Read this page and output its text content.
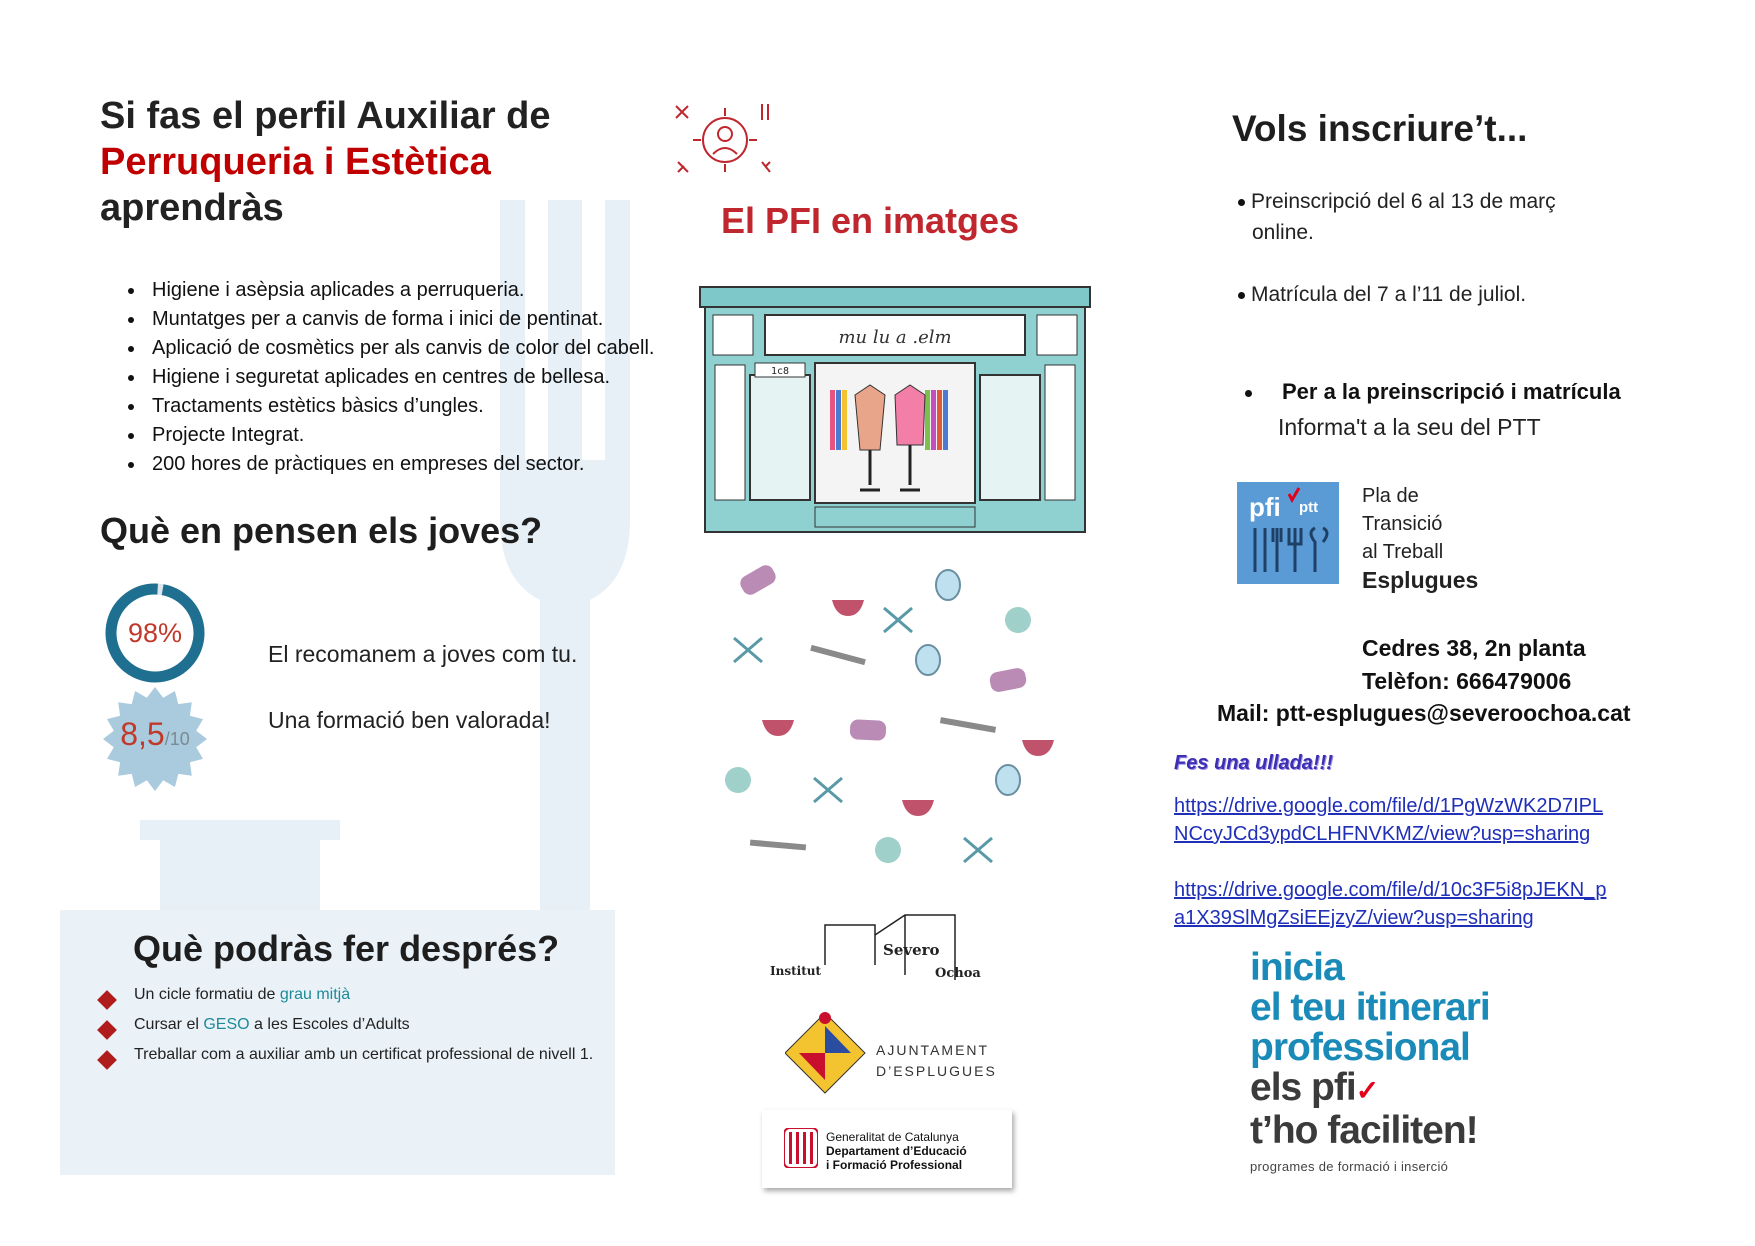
Si fas el perfil Auxiliar de
Perruqueria i Estètica
aprendràs
• Higiene i asèpsia aplicades a perruqueria.
• Muntatges per a canvis de forma i inici de pentinat.
• Aplicació de cosmètics per als canvis de color del cabell.
• Higiene i seguretat aplicades en centres de bellesa.
• Tractaments estètics bàsics d’ungles.
• Projecte Integrat.
• 200 hores de pràctiques en empreses del sector.
Què en pensen els joves?
98%
8,5/10

El recomanem a joves com tu.

Una formació ben valorada!

Què podràs fer després?
Un cicle formatiu de grau mitjà
Cursar el GESO a les Escoles d’Adults
Treballar com a auxiliar amb un certificat professional de nivell 1.
El PFI en imatges
mu lu a .elm
1c8
Severo
Institut	Ochoa
AJUNTAMENT
D’ESPLUGUES
Generalitat de Catalunya
Departament d’Educació
i Formació Professional
Vols inscriure’t...
Preinscripció del 6 al 13 de març
online.
Matrícula del 7 a l’11 de juliol.
Per a la preinscripció i matrícula
Informa't a la seu del PTT
pfi ptt
Pla de
Transició
al Treball
Esplugues
Cedres 38, 2n planta
Telèfon: 666479006
Mail: ptt-esplugues@severoochoa.cat
Fes una ullada!!!
https://drive.google.com/file/d/1PgWzWK2D7IPLNCcyJCd3ypdCLHFNVKMZ/view?usp=sharing
https://drive.google.com/file/d/10c3F5i8pJEKN_pa1X39SlMgZsiEEjzyZ/view?usp=sharing
inicia
el teu itinerari
professional
els pfi✓
t’ho faciliten!
programes de formació i inserció
